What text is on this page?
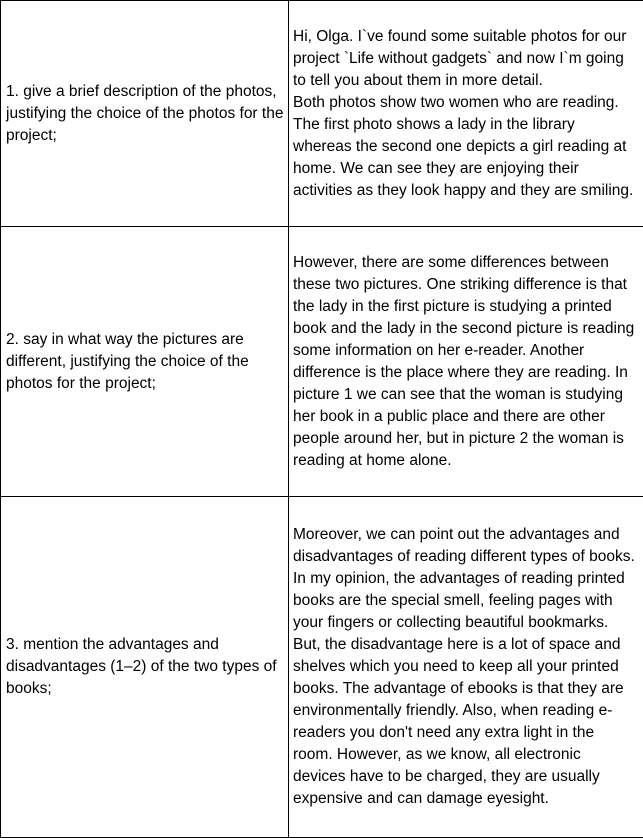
1. give a brief description of the photos, justifying the choice of the photos for the project;	Hi, Olga. I`ve found some suitable photos for our project `Life without gadgets` and now I`m going to tell you about them in more detail.
Both photos show two women who are reading. The first photo shows a lady in the library whereas the second one depicts a girl reading at home. We can see they are enjoying their activities as they look happy and they are smiling.

2. say in what way the pictures are different, justifying the choice of the photos for the project;	However, there are some differences between these two pictures. One striking difference is that the lady in the first picture is studying a printed book and the lady in the second picture is reading some information on her e-reader. Another difference is the place where they are reading. In picture 1 we can see that the woman is studying her book in a public place and there are other people around her, but in picture 2 the woman is reading at home alone.

3. mention the advantages and disadvantages (1–2) of the two types of books;	Moreover, we can point out the advantages and disadvantages of reading different types of books. In my opinion, the advantages of reading printed books are the special smell, feeling pages with your fingers or collecting beautiful bookmarks. But, the disadvantage here is a lot of space and shelves which you need to keep all your printed books. The advantage of ebooks is that they are environmentally friendly. Also, when reading e-readers you don't need any extra light in the room. However, as we know, all electronic devices have to be charged, they are usually expensive and can damage eyesight.
